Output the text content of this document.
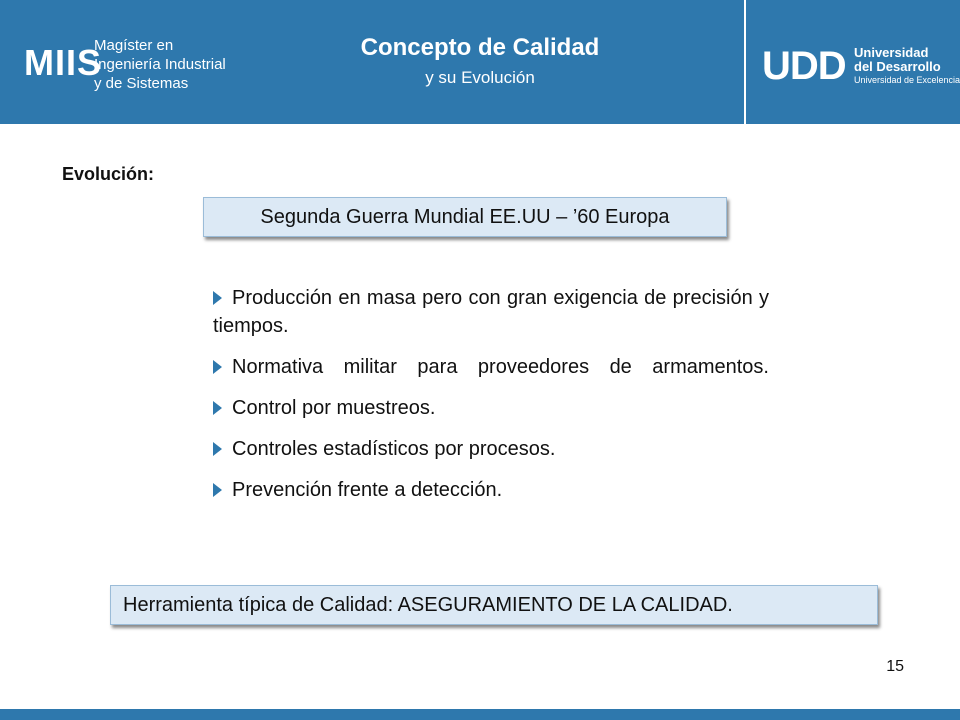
MIIS
Magíster en
Ingeniería Industrial
y de Sistemas
Concepto de Calidad
y su Evolución	UDD Universidad
del Desarrollo
Universidad de Excelencia
Evolución:
Segunda Guerra Mundial EE.UU – ’60 Europa
Producción en masa pero con gran exigencia de precisión y tiempos.
Normativa militar para proveedores de armamentos.
Control por muestreos.
Controles estadísticos por procesos.
Prevención frente a detección.
Herramienta típica de Calidad: ASEGURAMIENTO DE LA CALIDAD.
15
